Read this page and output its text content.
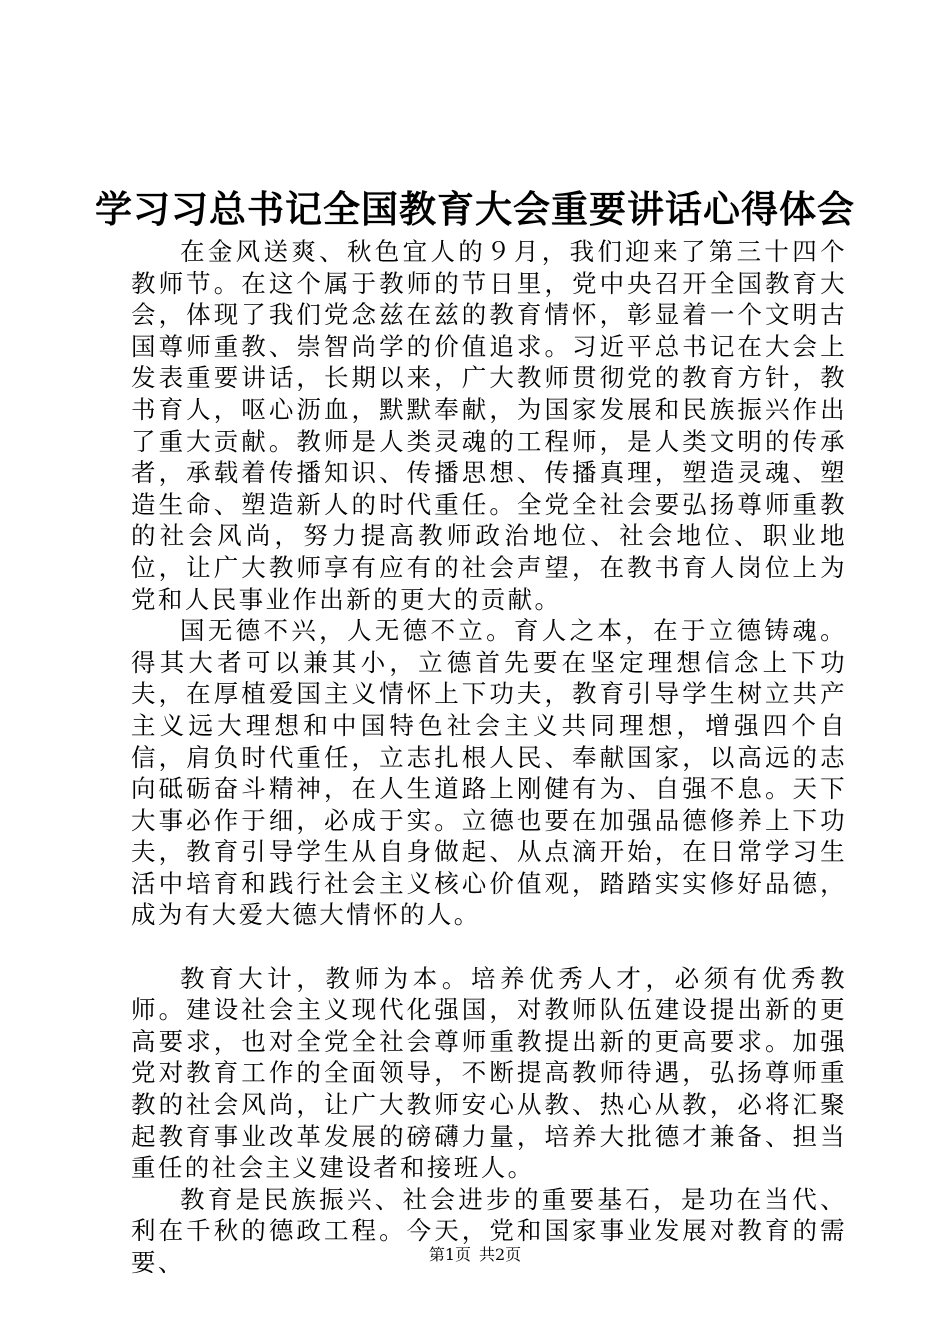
学习习总书记全国教育大会重要讲话心得体会

在金风送爽、秋色宜人的９月，我们迎来了第三十四个教师节。在这个属于教师的节日里，党中央召开全国教育大会，体现了我们党念兹在兹的教育情怀，彰显着一个文明古国尊师重教、崇智尚学的价值追求。习近平总书记在大会上发表重要讲话，长期以来，广大教师贯彻党的教育方针，教书育人，呕心沥血，默默奉献，为国家发展和民族振兴作出了重大贡献。教师是人类灵魂的工程师，是人类文明的传承者，承载着传播知识、传播思想、传播真理，塑造灵魂、塑造生命、塑造新人的时代重任。全党全社会要弘扬尊师重教的社会风尚，努力提高教师政治地位、社会地位、职业地位，让广大教师享有应有的社会声望，在教书育人岗位上为党和人民事业作出新的更大的贡献。

国无德不兴，人无德不立。育人之本，在于立德铸魂。得其大者可以兼其小，立德首先要在坚定理想信念上下功夫，在厚植爱国主义情怀上下功夫，教育引导学生树立共产主义远大理想和中国特色社会主义共同理想，增强四个自信，肩负时代重任，立志扎根人民、奉献国家，以高远的志向砥砺奋斗精神，在人生道路上刚健有为、自强不息。天下大事必作于细，必成于实。立德也要在加强品德修养上下功夫，教育引导学生从自身做起、从点滴开始，在日常学习生活中培育和践行社会主义核心价值观，踏踏实实修好品德，成为有大爱大德大情怀的人。

教育大计，教师为本。培养优秀人才，必须有优秀教师。建设社会主义现代化强国，对教师队伍建设提出新的更高要求，也对全党全社会尊师重教提出新的更高要求。加强党对教育工作的全面领导，不断提高教师待遇，弘扬尊师重教的社会风尚，让广大教师安心从教、热心从教，必将汇聚起教育事业改革发展的磅礴力量，培养大批德才兼备、担当重任的社会主义建设者和接班人。

教育是民族振兴、社会进步的重要基石，是功在当代、利在千秋的德政工程。今天，党和国家事业发展对教育的需要、	第1页 共2页
